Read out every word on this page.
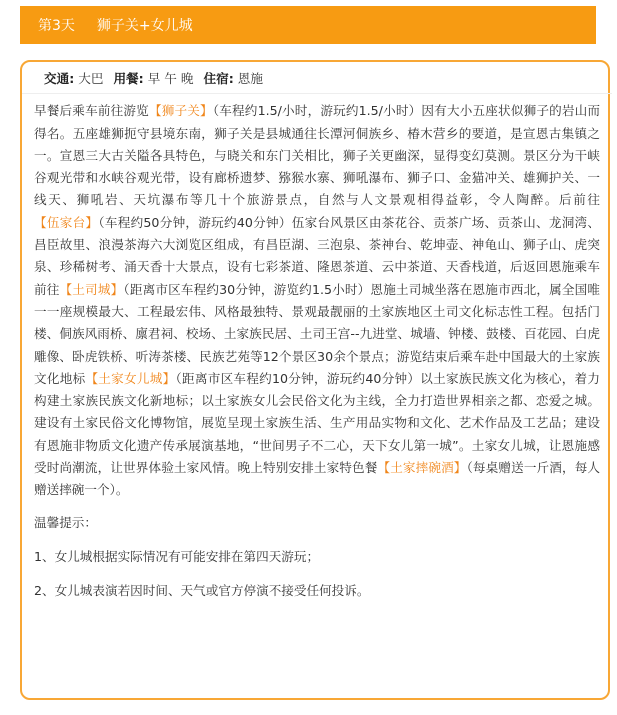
第3天 狮子关+女儿城
交通: 大巴 用餐: 早 午 晚 住宿: 恩施

早餐后乘车前往游览【狮子关】（车程约1.5/小时，游玩约1.5/小时）因有大小五座状似狮子的岩山而得名。五座雄狮扼守县境东南，狮子关是县城通往长潭河侗族乡、椿木营乡的要道，是宣恩古集镇之一。宣恩三大古关隘各具特色，与晓关和东门关相比，狮子关更幽深，显得变幻莫测。景区分为干峡谷观光带和水峡谷观光带，设有廊桥遗梦、猕猴水寨、狮吼瀑布、狮子口、金猫冲关、雄狮护关、一线天、狮吼岩、天坑瀑布等几十个旅游景点，自然与人文景观相得益彰，令人陶醉。后前往【伍家台】（车程约50分钟，游玩约40分钟）伍家台风景区由茶花谷、贡茶广场、贡茶山、龙洞湾、昌臣故里、浪漫茶海六大浏览区组成，有昌臣湖、三泡泉、茶神台、乾坤壶、神龟山、狮子山、虎突泉、珍稀树考、涌天香十大景点，设有七彩茶道、隆恩茶道、云中茶道、天香栈道，后返回恩施乘车前往【土司城】（距离市区车程约30分钟，游览约1.5小时）恩施土司城坐落在恩施市西北，属全国唯一一座规模最大、工程最宏伟、风格最独特、景观最靓丽的土家族地区土司文化标志性工程。包括门楼、侗族风雨桥、廪君祠、校场、土家族民居、土司王宫--九进堂、城墙、钟楼、鼓楼、百花园、白虎雕像、卧虎铁桥、听涛茶楼、民族艺苑等12个景区30余个景点；游览结束后乘车赴中国最大的土家族文化地标【土家女儿城】（距离市区车程约10分钟，游玩约40分钟）以土家族民族文化为核心，着力构建土家族民族文化新地标；以土家族女儿会民俗文化为主线，全力打造世界相亲之都、恋爱之城。建设有土家民俗文化博物馆，展览呈现土家族生活、生产用品实物和文化、艺术作品及工艺品；建设有恩施非物质文化遗产传承展演基地，“世间男子不二心，天下女儿第一城”。土家女儿城，让恩施感受时尚潮流，让世界体验土家风情。晚上特别安排土家特色餐【土家摔碗酒】（每桌赠送一斤酒，每人赠送摔碗一个）。

温馨提示：

1、女儿城根据实际情况有可能安排在第四天游玩；

2、女儿城表演若因时间、天气或官方停演不接受任何投诉。
